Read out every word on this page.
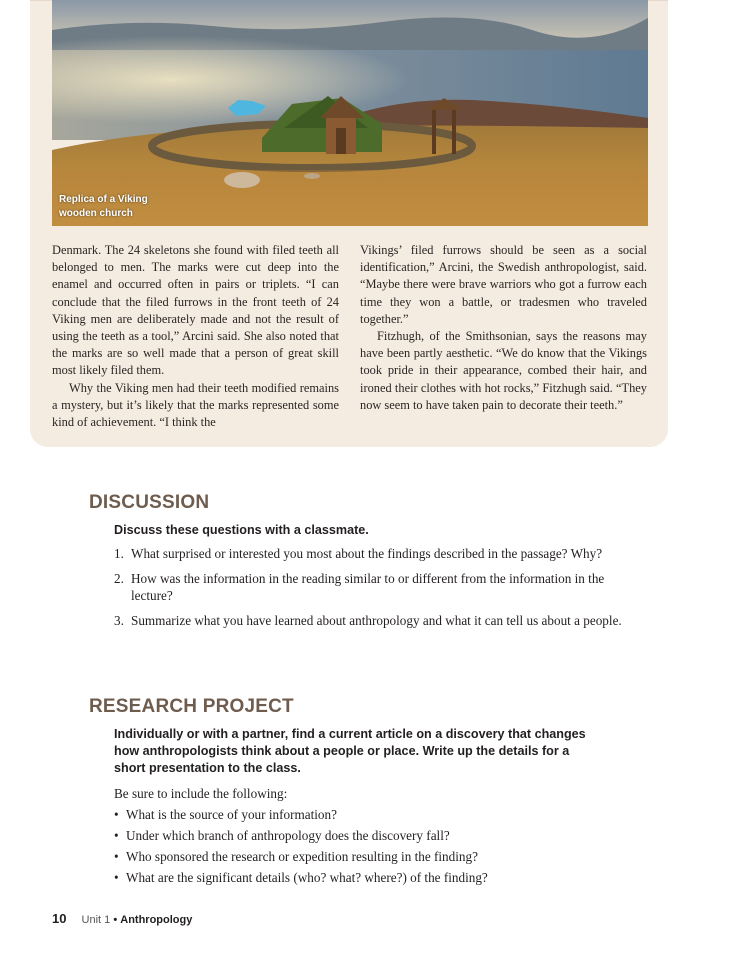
Replica of a Viking
wooden church

Denmark. The 24 skeletons she found with filed teeth all belonged to men. The marks were cut deep into the enamel and occurred often in pairs or triplets. “I can conclude that the filed furrows in the front teeth of 24 Viking men are deliberately made and not the result of using the teeth as a tool,” Arcini said. She also noted that the marks are so well made that a person of great skill most likely filed them.

Why the Viking men had their teeth modified remains a mystery, but it’s likely that the marks represented some kind of achievement. “I think the

Vikings’ filed furrows should be seen as a social identification,” Arcini, the Swedish anthropologist, said. “Maybe there were brave warriors who got a furrow each time they won a battle, or tradesmen who traveled together.”

Fitzhugh, of the Smithsonian, says the reasons may have been partly aesthetic. “We do know that the Vikings took pride in their appearance, combed their hair, and ironed their clothes with hot rocks,” Fitzhugh said. “They now seem to have taken pain to decorate their teeth.”

DISCUSSION
Discuss these questions with a classmate.
1. What surprised or interested you most about the findings described in the passage? Why?
2. How was the information in the reading similar to or different from the information in the lecture?
3. Summarize what you have learned about anthropology and what it can tell us about a people.
RESEARCH PROJECT
Individually or with a partner, find a current article on a discovery that changes how anthropologists think about a people or place. Write up the details for a short presentation to the class.
Be sure to include the following:
• What is the source of your information?
• Under which branch of anthropology does the discovery fall?
• Who sponsored the research or expedition resulting in the finding?
• What are the significant details (who? what? where?) of the finding?
10 Unit 1 • Anthropology
